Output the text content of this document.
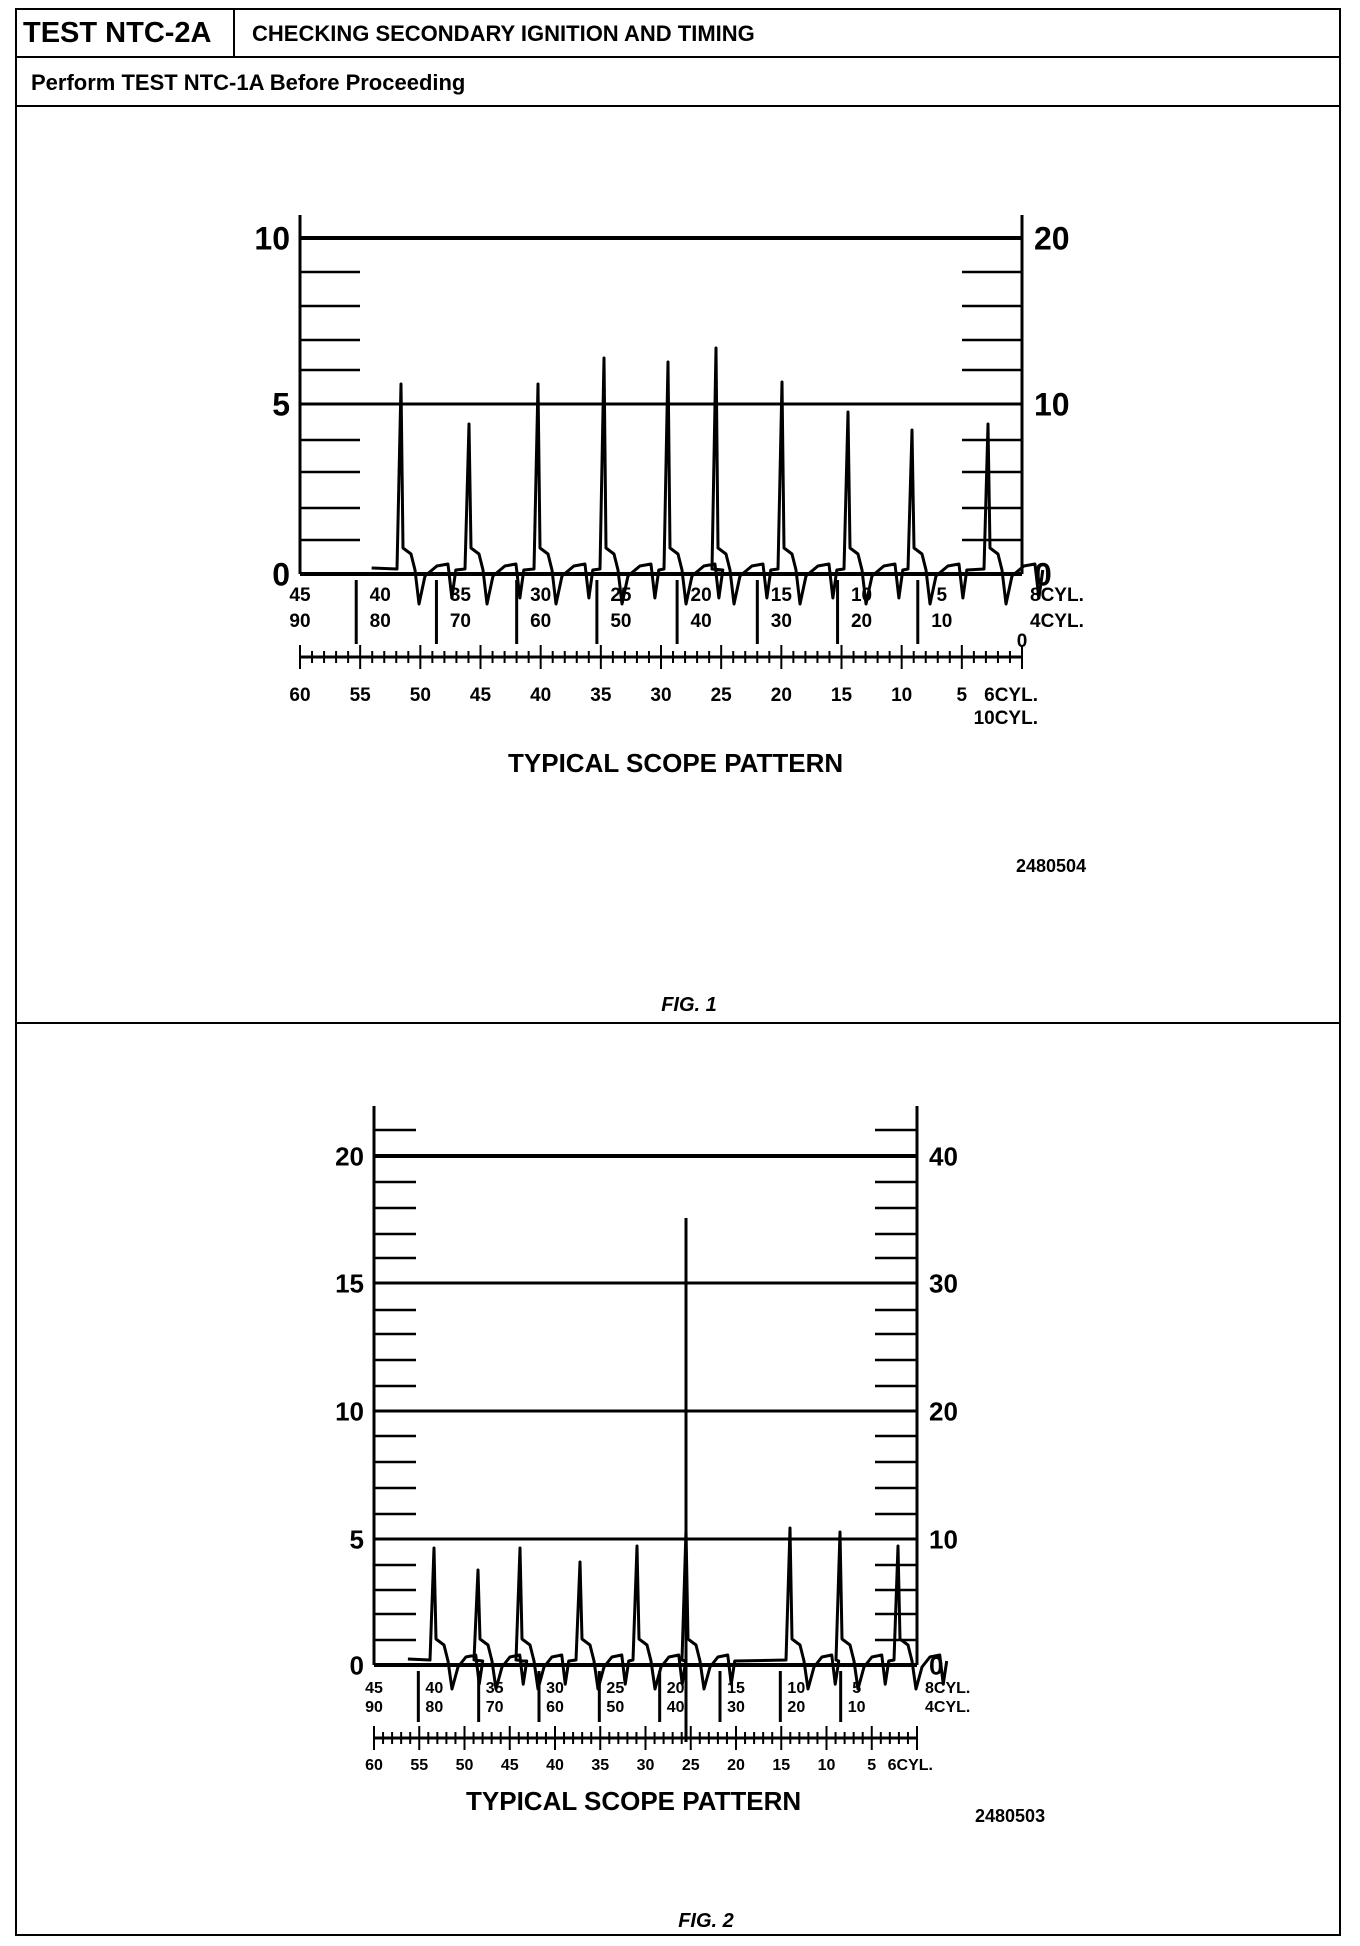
TEST NTC-2A	CHECKING SECONDARY IGNITION AND TIMING
Perform TEST NTC-1A Before Proceeding
FIG. 1
FIG. 2
0
5
10
0
10
20
45
90
40
80
35
70
30
60
25
50
20
40
15
30
10
20
5
10
8CYL.
4CYL.
0
60 55 50 45 40 35 30 25 20 15 10 5 6CYL.
10CYL.
0
5
10
15
20
0
10
20
30
40
45
90
40
80
35
70
30
60
25
50
20
40
15
30
10
20
5
10
8CYL.
4CYL.
60 55 50 45 40 35 30 25 20 15 10 5 6CYL.
TYPICAL SCOPE PATTERN
2480504
TYPICAL SCOPE PATTERN	2480503
